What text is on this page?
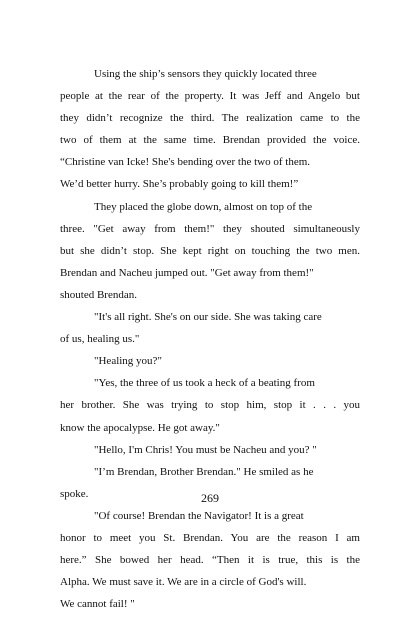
Using the ship’s sensors they quickly located three
people at the rear of the property. It was Jeff and Angelo but
they didn’t recognize the third. The realization came to the
two of them at the same time. Brendan provided the voice.
“Christine van Icke! She's bending over the two of them.
We’d better hurry. She’s probably going to kill them!”
They placed the globe down, almost on top of the
three. "Get away from them!" they shouted simultaneously
but she didn’t stop. She kept right on touching the two men.
Brendan and Nacheu jumped out. "Get away from them!"
shouted Brendan.
"It's all right. She's on our side. She was taking care
of us, healing us."
"Healing you?"
"Yes, the three of us took a heck of a beating from
her brother. She was trying to stop him, stop it . . . you
know the apocalypse. He got away."
"Hello, I'm Chris! You must be Nacheu and you? "
"I’m Brendan, Brother Brendan." He smiled as he
spoke.
"Of course! Brendan the Navigator! It is a great
honor to meet you St. Brendan. You are the reason I am
here.” She bowed her head. “Then it is true, this is the
Alpha. We must save it. We are in a circle of God's will.
We cannot fail! "
269
